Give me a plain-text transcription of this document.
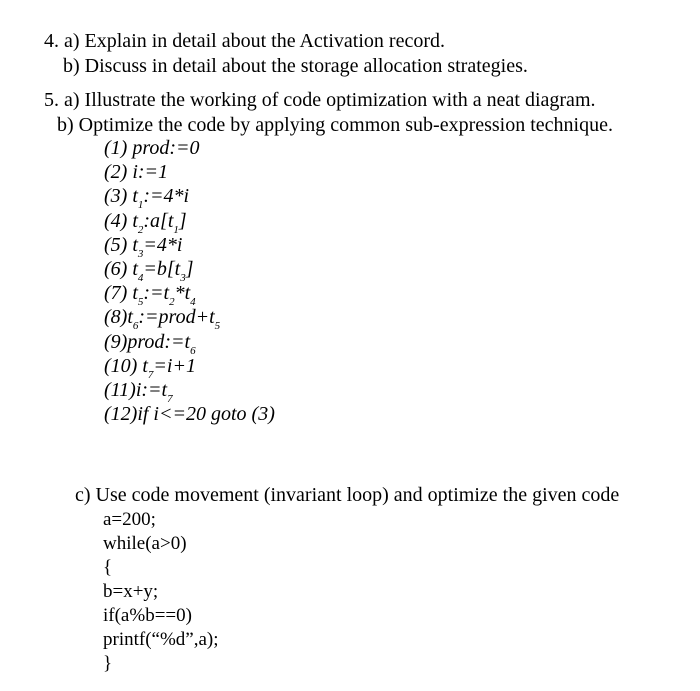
4. a) Explain in detail about the Activation record.
b) Discuss in detail about the storage allocation strategies.
5. a) Illustrate the working of code optimization with a neat diagram.
b) Optimize the code by applying common sub-expression technique.
(1) prod:=0
(2) i:=1
(3) $t_1:=4*i$
(4) $t_2:a[t_1]$
(5) $t_3=4*i$
(6) $t_4=b[t_3]$
(7) $t_5:=t_2*t_4$
$(8)t_6:=prod+t_5$
$(9)prod:=t_6$
(10) $t_7=i+1$
$(11)i:=t_7$
(12)if i<=20 goto (3)
c) Use code movement (invariant loop) and optimize the given code
a=200;
while(a>0)
{
b=x+y;
if(a%b==0)
printf(“%d”,a);
}
